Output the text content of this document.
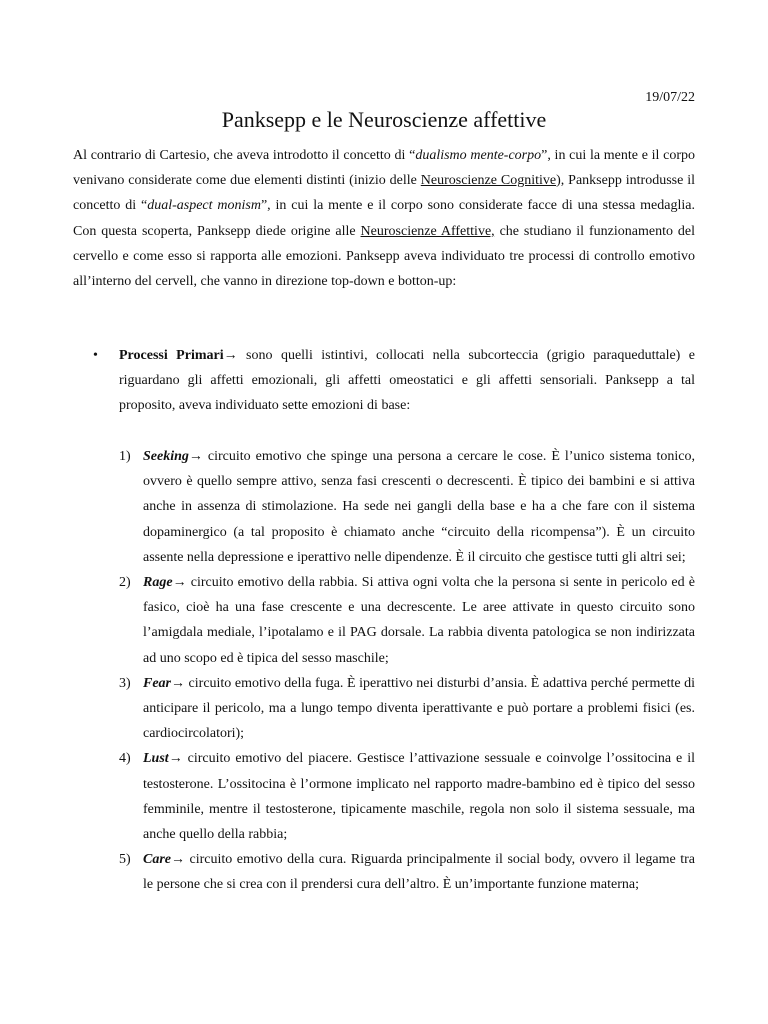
19/07/22
Panksepp e le Neuroscienze affettive

Al contrario di Cartesio, che aveva introdotto il concetto di “dualismo mente-corpo”, in cui la mente e il corpo venivano considerate come due elementi distinti (inizio delle Neuroscienze Cognitive), Panksepp introdusse il concetto di “dual-aspect monism”, in cui la mente e il corpo sono considerate facce di una stessa medaglia. Con questa scoperta, Panksepp diede origine alle Neuroscienze Affettive, che studiano il funzionamento del cervello e come esso si rapporta alle emozioni. Panksepp aveva individuato tre processi di controllo emotivo all’interno del cervell, che vanno in direzione top-down e botton-up:

• Processi Primari→ sono quelli istintivi, collocati nella subcorteccia (grigio paraqueduttale) e riguardano gli affetti emozionali, gli affetti omeostatici e gli affetti sensoriali. Panksepp a tal proposito, aveva individuato sette emozioni di base:

1) Seeking→ circuito emotivo che spinge una persona a cercare le cose. È l’unico sistema tonico, ovvero è quello sempre attivo, senza fasi crescenti o decrescenti. È tipico dei bambini e si attiva anche in assenza di stimolazione. Ha sede nei gangli della base e ha a che fare con il sistema dopaminergico (a tal proposito è chiamato anche “circuito della ricompensa”). È un circuito assente nella depressione e iperattivo nelle dipendenze. È il circuito che gestisce tutti gli altri sei;
2) Rage→ circuito emotivo della rabbia. Si attiva ogni volta che la persona si sente in pericolo ed è fasico, cioè ha una fase crescente e una decrescente. Le aree attivate in questo circuito sono l’amigdala mediale, l’ipotalamo e il PAG dorsale. La rabbia diventa patologica se non indirizzata ad uno scopo ed è tipica del sesso maschile;
3) Fear→ circuito emotivo della fuga. È iperattivo nei disturbi d’ansia. È adattiva perché permette di anticipare il pericolo, ma a lungo tempo diventa iperattivante e può portare a problemi fisici (es. cardiocircolatori);
4) Lust→ circuito emotivo del piacere. Gestisce l’attivazione sessuale e coinvolge l’ossitocina e il testosterone. L’ossitocina è l’ormone implicato nel rapporto madre-bambino ed è tipico del sesso femminile, mentre il testosterone, tipicamente maschile, regola non solo il sistema sessuale, ma anche quello della rabbia;
5) Care→ circuito emotivo della cura. Riguarda principalmente il social body, ovvero il legame tra le persone che si crea con il prendersi cura dell’altro. È un’importante funzione materna;
